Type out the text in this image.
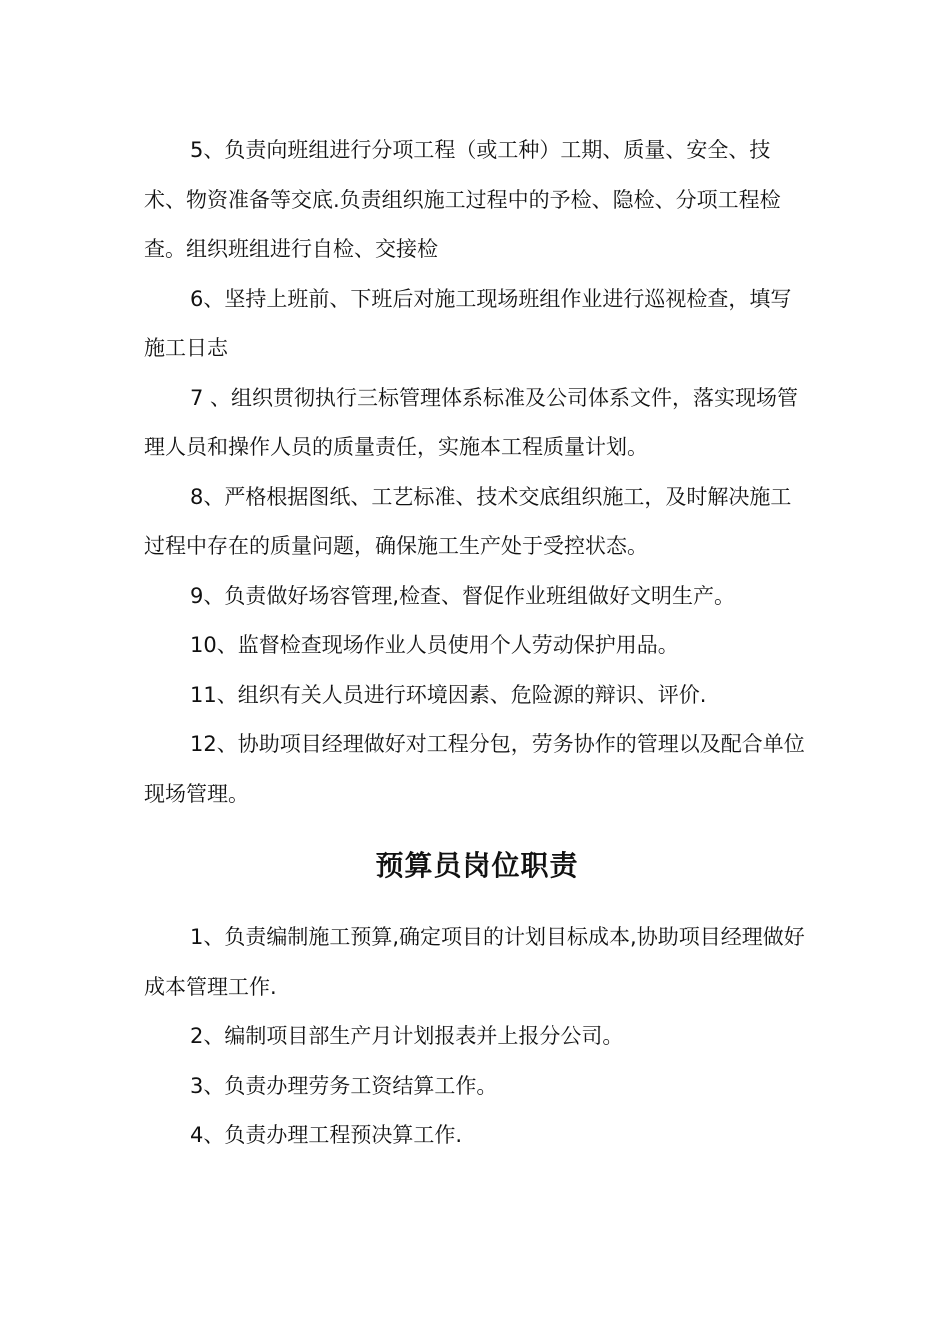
5、负责向班组进行分项工程（或工种）工期、质量、安全、技术、物资准备等交底.负责组织施工过程中的予检、隐检、分项工程检查。组织班组进行自检、交接检

6、坚持上班前、下班后对施工现场班组作业进行巡视检查，填写施工日志

7 、组织贯彻执行三标管理体系标准及公司体系文件，落实现场管理人员和操作人员的质量责任，实施本工程质量计划。

8、严格根据图纸、工艺标准、技术交底组织施工，及时解决施工过程中存在的质量问题，确保施工生产处于受控状态。

9、负责做好场容管理,检查、督促作业班组做好文明生产。

10、监督检查现场作业人员使用个人劳动保护用品。

11、组织有关人员进行环境因素、危险源的辩识、评价.

12、协助项目经理做好对工程分包，劳务协作的管理以及配合单位现场管理。

预算员岗位职责

1、负责编制施工预算,确定项目的计划目标成本,协助项目经理做好成本管理工作.

2、编制项目部生产月计划报表并上报分公司。

3、负责办理劳务工资结算工作。

4、负责办理工程预决算工作.
